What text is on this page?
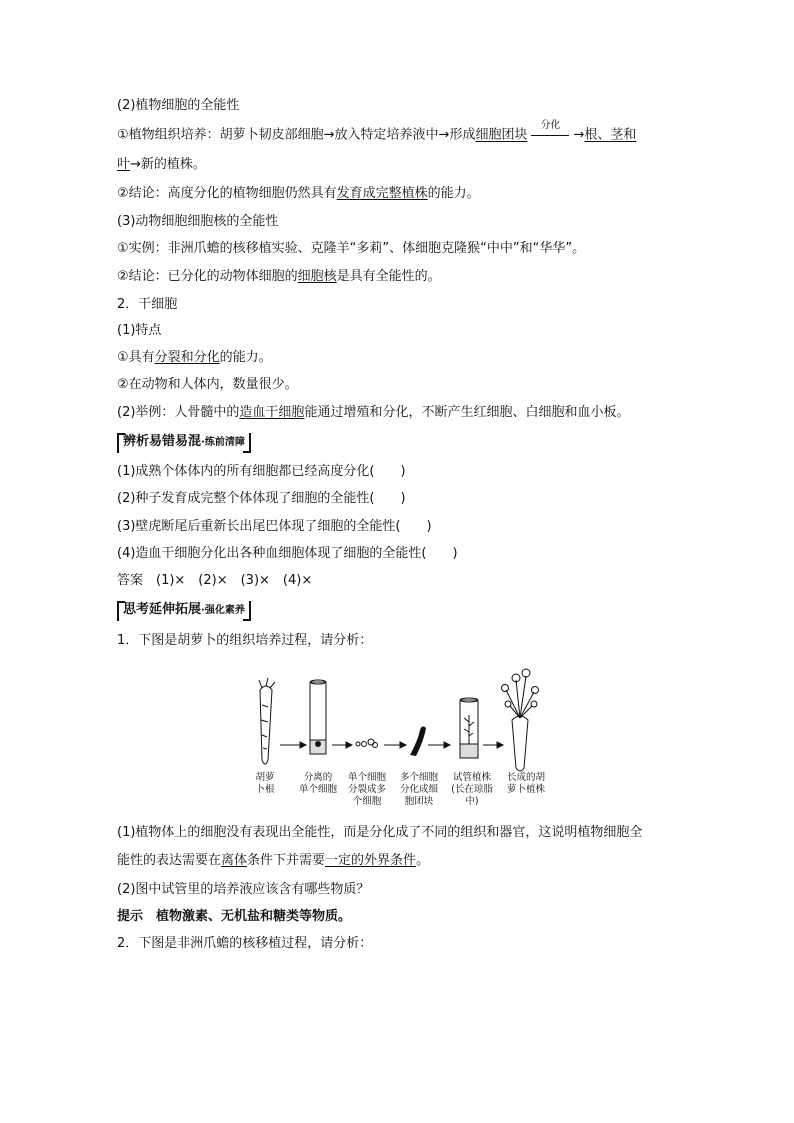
(2)植物细胞的全能性
①植物组织培养：胡萝卜韧皮部细胞→放入特定培养液中→形成细胞团块
分化
→根、茎和
叶→新的植株。
②结论：高度分化的植物细胞仍然具有发育成完整植株的能力。
(3)动物细胞细胞核的全能性
①实例：非洲爪蟾的核移植实验、克隆羊“多莉”、体细胞克隆猴“中中”和“华华”。
②结论：已分化的动物体细胞的细胞核是具有全能性的。
2．干细胞
(1)特点
①具有分裂和分化的能力。
②在动物和人体内，数量很少。
(2)举例：人骨髓中的造血干细胞能通过增殖和分化，不断产生红细胞、白细胞和血小板。
辨析易错易混·练前清障
(1)成熟个体体内的所有细胞都已经高度分化(　　)
(2)种子发育成完整个体体现了细胞的全能性(　　)
(3)壁虎断尾后重新长出尾巴体现了细胞的全能性(　　)
(4)造血干细胞分化出各种血细胞体现了细胞的全能性(　　)
答案　(1)×　(2)×　(3)×　(4)×
思考延伸拓展·强化素养
1．下图是胡萝卜的组织培养过程，请分析：
胡萝
卜根
分离的
单个细胞
单个细胞
分裂成多
个细胞
多个细胞
分化成细
胞团块
试管植株
(长在琼脂
中)
长成的胡
萝卜植株
(1)植物体上的细胞没有表现出全能性，而是分化成了不同的组织和器官，这说明植物细胞全
能性的表达需要在离体条件下并需要一定的外界条件。
(2)图中试管里的培养液应该含有哪些物质？
提示　植物激素、无机盐和糖类等物质。
2．下图是非洲爪蟾的核移植过程，请分析：
